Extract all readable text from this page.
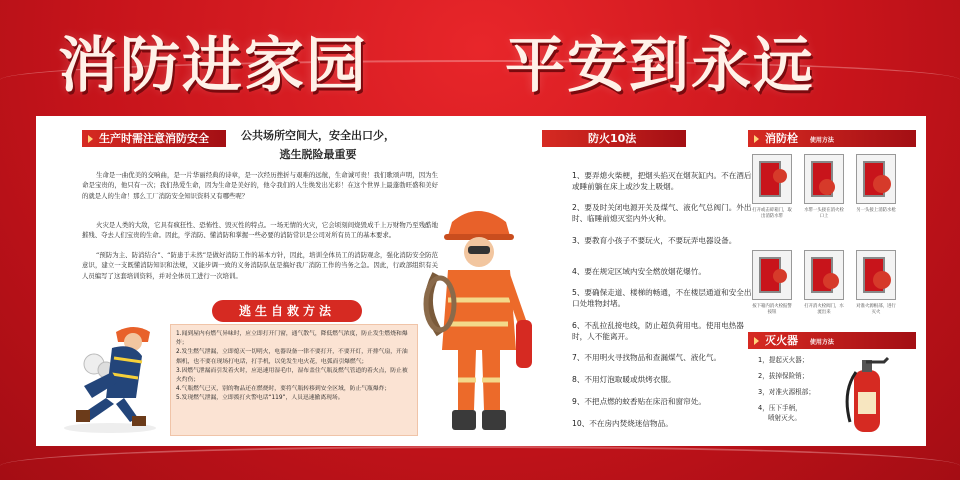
消防进家园 平安到永远
生产时需注意消防安全	公共场所空间大，安全出口少，
逃生脱险最重要
生命是一曲优美的交响曲，是一片华丽经典的诗章，是一次经历挫折与艰难的远航，生命诚可贵！我们歌颂声明，因为生命是宝贵的，他只有一次；我们热爱生命，因为生命是美好的，他令我们的人生焕发出光彩！在这个世界上最蓬勃旺盛和美好的就是人的生命！那么工厂消防安全知识资料又有哪些呢？
火灾是人类的大敌，它具有疯狂性、恐怖性、毁灭性的特点。一场无情的火灾，它会顷刻间烧毁成千上万财物乃至残酷地摧残、夺去人们宝贵的生命。因此，学消防、懂消防和掌握一些必要的消防常识是公司对所有员工的基本要求。
“预防为主、防消结合”、“防患于未然”是做好消防工作的基本方针，因此，培训全体员工的消防观念，强化消防安全防范意识，建立一支既懂消防知识和法规，又能步调一致的义务消防队伍是搞好我厂消防工作的当务之急。因此，行政部组织有关人员编写了这套培训资料，并对全体员工进行一次培训。
逃生自救方法

1.闻到屋内有燃气异味时，应立即打开门窗，通气散气，降低燃气浓度，防止发生燃烧和爆炸；

2.发生燃气泄漏，立即熄灭一切明火，电器设备一律不要打开，不要开灯，开排气扇，开油烟机，也不要在现场打电话，打手机，以免发生电火花，电弧而引爆燃气；

3.因燃气泄漏而引发着火时，应迅速用湿毛巾，湿布盖住气瓶及燃气管道的着火点，防止被火灼伤；

4.气瓶燃气已灭，别的物品还在燃烧时，要将气瓶转移到安全区域，防止气瓶爆炸；

5.发现燃气泄漏，立即拨打火警电话“119”，人员迅速撤离现场。

防火10法
1、要弄熄火柴梗，把烟头掐灭在烟灰缸内。不在酒后或睡前躺在床上或沙发上吸烟。
2、要及时关闭电源开关及煤气、液化气总阀门。外出时、临睡前熄灭室内外火种。
3、要教育小孩子不要玩火，不要玩弄电器设备。
4、要在规定区域内安全燃放烟花爆竹。
5、要确保走道、楼梯的畅通，不在楼层通道和安全出口处堆物封堵。
6、不乱拉乱接电线，防止超负荷用电。使用电热器时，人不能离开。
7、不用明火寻找物品和查漏煤气、液化气。
8、不用灯泡取暖或烘烤衣服。
9、不把点燃的蚊香贴在床沿和窗帘处。
10、不在房内焚烧迷信物品。
消防栓 使用方法
打开或击碎箱门，取出消防水带
水带一头接在消火栓口上
另一头接上消防水枪
按下箱内消火栓报警按钮
打开消火栓阀门，水流出来
对准火源根部，进行灭火
灭火器 使用方法
1，提起灭火器；
2，拔掉保险销；
3，对准火源根部；
4，压下手柄，
喷射灭火。
